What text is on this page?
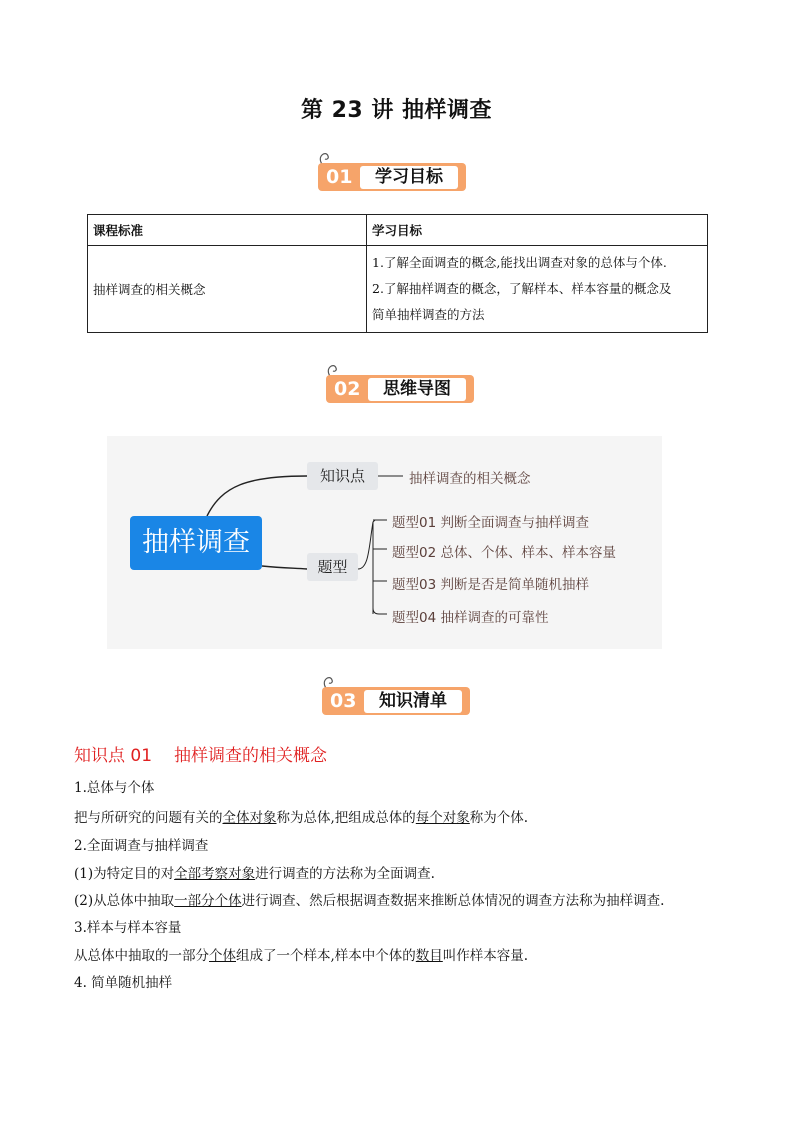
第 23 讲 抽样调查
01	学习目标
课程标准	学习目标
抽样调查的相关概念	1.了解全面调查的概念,能找出调查对象的总体与个体.
2.了解抽样调查的概念，了解样本、样本容量的概念及
简单抽样调查的方法
02	思维导图
抽样调查
知识点	抽样调查的相关概念
题型
题型01 判断全面调查与抽样调查
题型02 总体、个体、样本、样本容量
题型03 判断是否是简单随机抽样
题型04 抽样调查的可靠性
03	知识清单
知识点 01 抽样调查的相关概念
1.总体与个体
把与所研究的问题有关的全体对象称为总体,把组成总体的每个对象称为个体.
2.全面调查与抽样调查
(1)为特定目的对全部考察对象进行调查的方法称为全面调查.
(2)从总体中抽取一部分个体进行调查、然后根据调查数据来推断总体情况的调查方法称为抽样调查.
3.样本与样本容量
从总体中抽取的一部分个体组成了一个样本,样本中个体的数目叫作样本容量.
4. 简单随机抽样
